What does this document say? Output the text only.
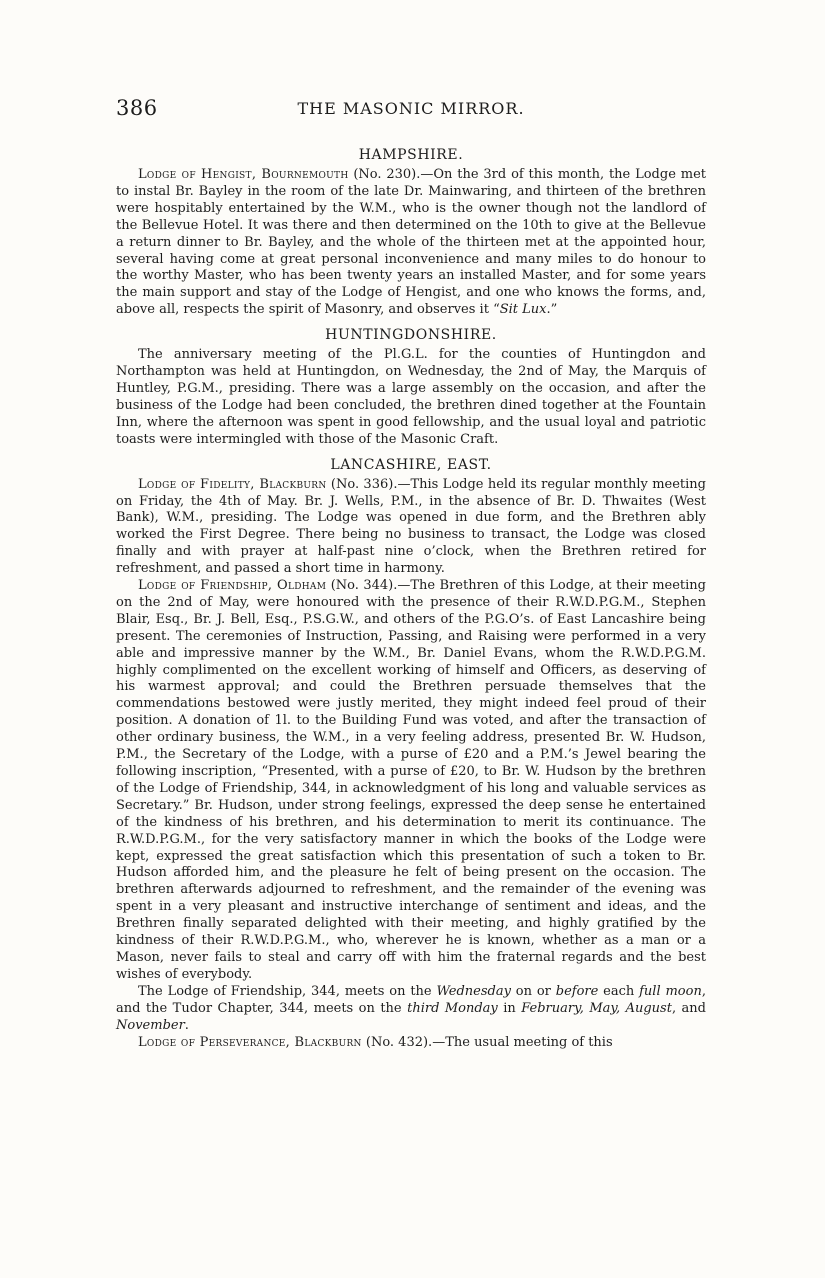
386	THE MASONIC MIRROR.
HAMPSHIRE.

Lodge of Hengist, Bournemouth (No. 230).—On the 3rd of this month, the Lodge met to instal Br. Bayley in the room of the late Dr. Mainwaring, and thirteen of the brethren were hospitably entertained by the W.M., who is the owner though not the landlord of the Bellevue Hotel. It was there and then determined on the 10th to give at the Bellevue a return dinner to Br. Bayley, and the whole of the thirteen met at the appointed hour, several having come at great personal inconvenience and many miles to do honour to the worthy Master, who has been twenty years an installed Master, and for some years the main support and stay of the Lodge of Hengist, and one who knows the forms, and, above all, respects the spirit of Masonry, and observes it “Sit Lux.”

HUNTINGDONSHIRE.

The anniversary meeting of the Pl.G.L. for the counties of Huntingdon and Northampton was held at Huntingdon, on Wednesday, the 2nd of May, the Marquis of Huntley, P.G.M., presiding. There was a large assembly on the occasion, and after the business of the Lodge had been concluded, the brethren dined together at the Fountain Inn, where the afternoon was spent in good fellowship, and the usual loyal and patriotic toasts were intermingled with those of the Masonic Craft.

LANCASHIRE, EAST.

Lodge of Fidelity, Blackburn (No. 336).—This Lodge held its regular monthly meeting on Friday, the 4th of May. Br. J. Wells, P.M., in the absence of Br. D. Thwaites (West Bank), W.M., presiding. The Lodge was opened in due form, and the Brethren ably worked the First Degree. There being no business to transact, the Lodge was closed finally and with prayer at half-past nine o’clock, when the Brethren retired for refreshment, and passed a short time in harmony.

Lodge of Friendship, Oldham (No. 344).—The Brethren of this Lodge, at their meeting on the 2nd of May, were honoured with the presence of their R.W.D.P.G.M., Stephen Blair, Esq., Br. J. Bell, Esq., P.S.G.W., and others of the P.G.O’s. of East Lancashire being present. The ceremonies of Instruction, Passing, and Raising were performed in a very able and impressive manner by the W.M., Br. Daniel Evans, whom the R.W.D.P.G.M. highly complimented on the excellent working of himself and Officers, as deserving of his warmest approval; and could the Brethren persuade themselves that the commendations bestowed were justly merited, they might indeed feel proud of their position. A donation of 1l. to the Building Fund was voted, and after the transaction of other ordinary business, the W.M., in a very feeling address, presented Br. W. Hudson, P.M., the Secretary of the Lodge, with a purse of £20 and a P.M.’s Jewel bearing the following inscription, “Presented, with a purse of £20, to Br. W. Hudson by the brethren of the Lodge of Friendship, 344, in acknowledgment of his long and valuable services as Secretary.” Br. Hudson, under strong feelings, expressed the deep sense he entertained of the kindness of his brethren, and his determination to merit its continuance. The R.W.D.P.G.M., for the very satisfactory manner in which the books of the Lodge were kept, expressed the great satisfaction which this presentation of such a token to Br. Hudson afforded him, and the pleasure he felt of being present on the occasion. The brethren afterwards adjourned to refreshment, and the remainder of the evening was spent in a very pleasant and instructive interchange of sentiment and ideas, and the Brethren finally separated delighted with their meeting, and highly gratified by the kindness of their R.W.D.P.G.M., who, wherever he is known, whether as a man or a Mason, never fails to steal and carry off with him the fraternal regards and the best wishes of everybody.

The Lodge of Friendship, 344, meets on the Wednesday on or before each full moon, and the Tudor Chapter, 344, meets on the third Monday in February, May, August, and November.

Lodge of Perseverance, Blackburn (No. 432).—The usual meeting of this
